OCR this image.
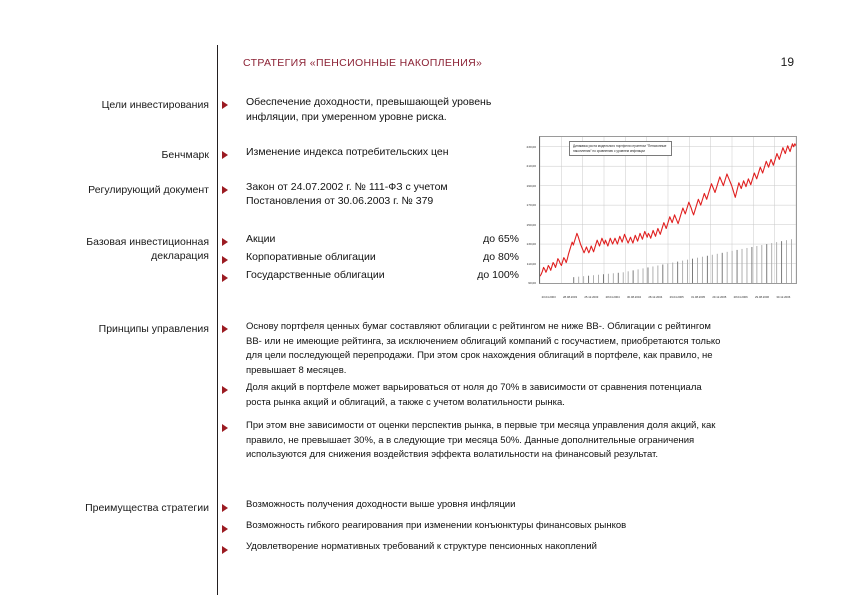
СТРАТЕГИЯ «ПЕНСИОННЫЕ НАКОПЛЕНИЯ»	19
Цели инвестирования	Обеспечение доходности, превышающей уровень инфляции, при умеренном уровне риска.
Бенчмарк	Изменение индекса потребительских цен
Регулирующий документ	Закон от 24.07.2002 г. № 111-ФЗ с учетом
Постановления от 30.06.2003 г. № 379
Базовая инвестиционная
декларация
Акции	до 65%
Корпоративные облигации	до 80%
Государственные облигации	до 100%
Принципы управления	Основу портфеля ценных бумаг составляют облигации с рейтингом не ниже BB-. Облигации с рейтингом BB- или не имеющие рейтинга, за исключением облигаций компаний с госучастием, приобретаются только для цели последующей перепродажи. При этом срок нахождения облигаций в портфеле, как правило, не превышает 8 месяцев.
Доля акций в портфеле может варьироваться от ноля до 70% в зависимости от сравнения потенциала роста рынка акций и облигаций, а также с учетом волатильности рынка.
При этом вне зависимости от оценки перспектив рынка, в первые три месяца управления доля акций, как правило, не превышает 30%, а в следующие три месяца 50%. Данные дополнительные ограничения используются для снижения воздействия эффекта волатильности на финансовый результат.
Преимущества стратегии	Возможность получения доходности выше уровня инфляции
Возможность гибкого реагирования при изменении конъюнктуры финансовых рынков
Удовлетворение нормативных требований к структуре пенсионных накоплений
230,00
210,00
190,00
170,00
150,00
130,00
110,00
90,00
Динамика роста модельного портфеля стратегии "Пенсионные накопления" по сравнению с уровнем инфляции
20.04.2003	28.08.2003	25.12.2003	28.04.2004	30.08.2004	28.12.2004	29.04.2005	31.08.2005	29.12.2005	28.04.2006	29.08.2006	30.12.2006
